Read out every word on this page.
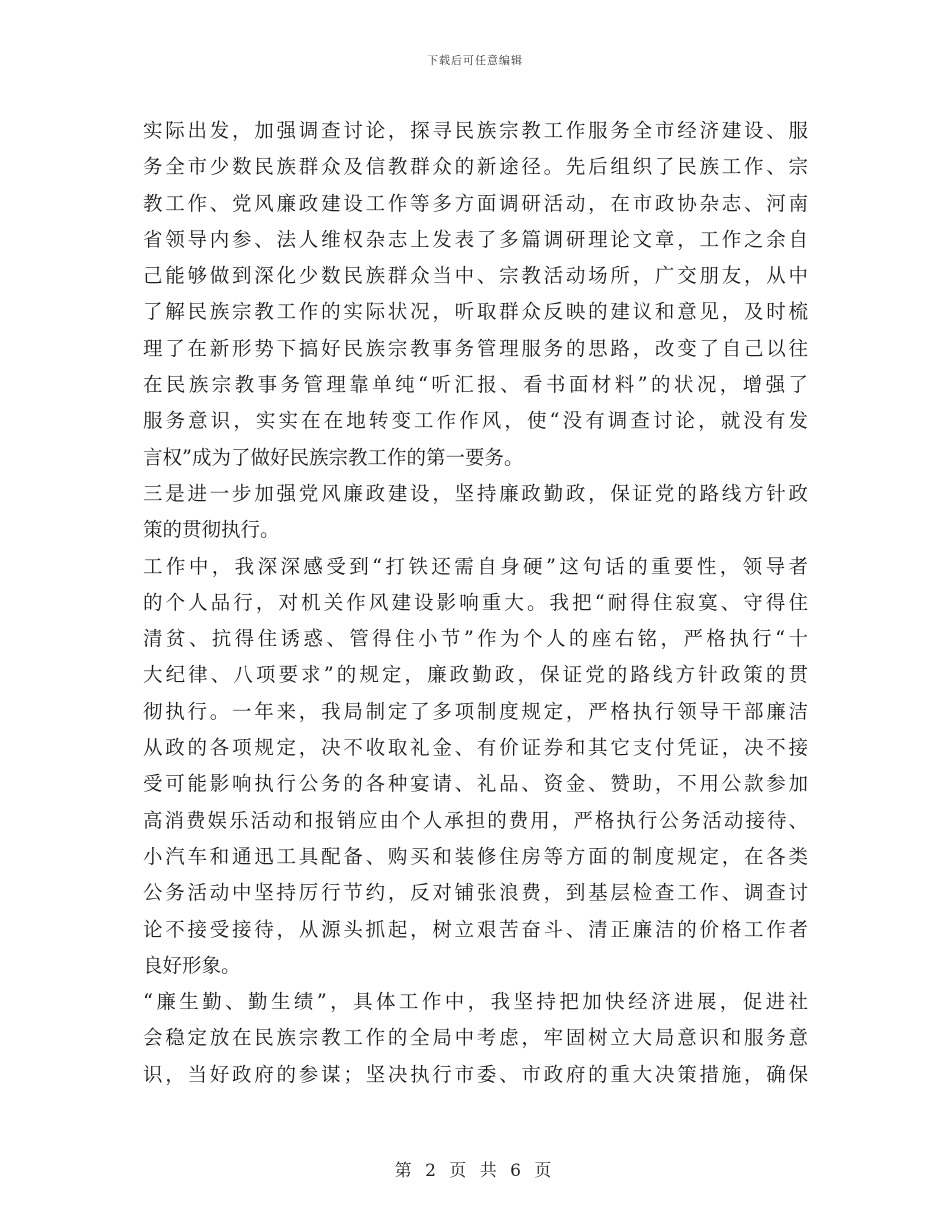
下载后可任意编辑
实际出发，加强调查讨论，探寻民族宗教工作服务全市经济建设、服
务全市少数民族群众及信教群众的新途径。先后组织了民族工作、宗
教工作、党风廉政建设工作等多方面调研活动，在市政协杂志、河南
省领导内参、法人维权杂志上发表了多篇调研理论文章，工作之余自
己能够做到深化少数民族群众当中、宗教活动场所，广交朋友，从中
了解民族宗教工作的实际状况，听取群众反映的建议和意见，及时梳
理了在新形势下搞好民族宗教事务管理服务的思路，改变了自己以往
在民族宗教事务管理靠单纯“听汇报、看书面材料”的状况，增强了
服务意识，实实在在地转变工作作风，使“没有调查讨论，就没有发
言权”成为了做好民族宗教工作的第一要务。
三是进一步加强党风廉政建设，坚持廉政勤政，保证党的路线方针政
策的贯彻执行。
工作中，我深深感受到“打铁还需自身硬”这句话的重要性，领导者
的个人品行，对机关作风建设影响重大。我把“耐得住寂寞、守得住
清贫、抗得住诱惑、管得住小节”作为个人的座右铭，严格执行“十
大纪律、八项要求”的规定，廉政勤政，保证党的路线方针政策的贯
彻执行。一年来，我局制定了多项制度规定，严格执行领导干部廉洁
从政的各项规定，决不收取礼金、有价证券和其它支付凭证，决不接
受可能影响执行公务的各种宴请、礼品、资金、赞助，不用公款参加
高消费娱乐活动和报销应由个人承担的费用，严格执行公务活动接待、
小汽车和通迅工具配备、购买和装修住房等方面的制度规定，在各类
公务活动中坚持厉行节约，反对铺张浪费，到基层检查工作、调查讨
论不接受接待，从源头抓起，树立艰苦奋斗、清正廉洁的价格工作者
良好形象。
“廉生勤、勤生绩”，具体工作中，我坚持把加快经济进展，促进社
会稳定放在民族宗教工作的全局中考虑，牢固树立大局意识和服务意
识，当好政府的参谋；坚决执行市委、市政府的重大决策措施，确保
第 2 页 共 6 页
